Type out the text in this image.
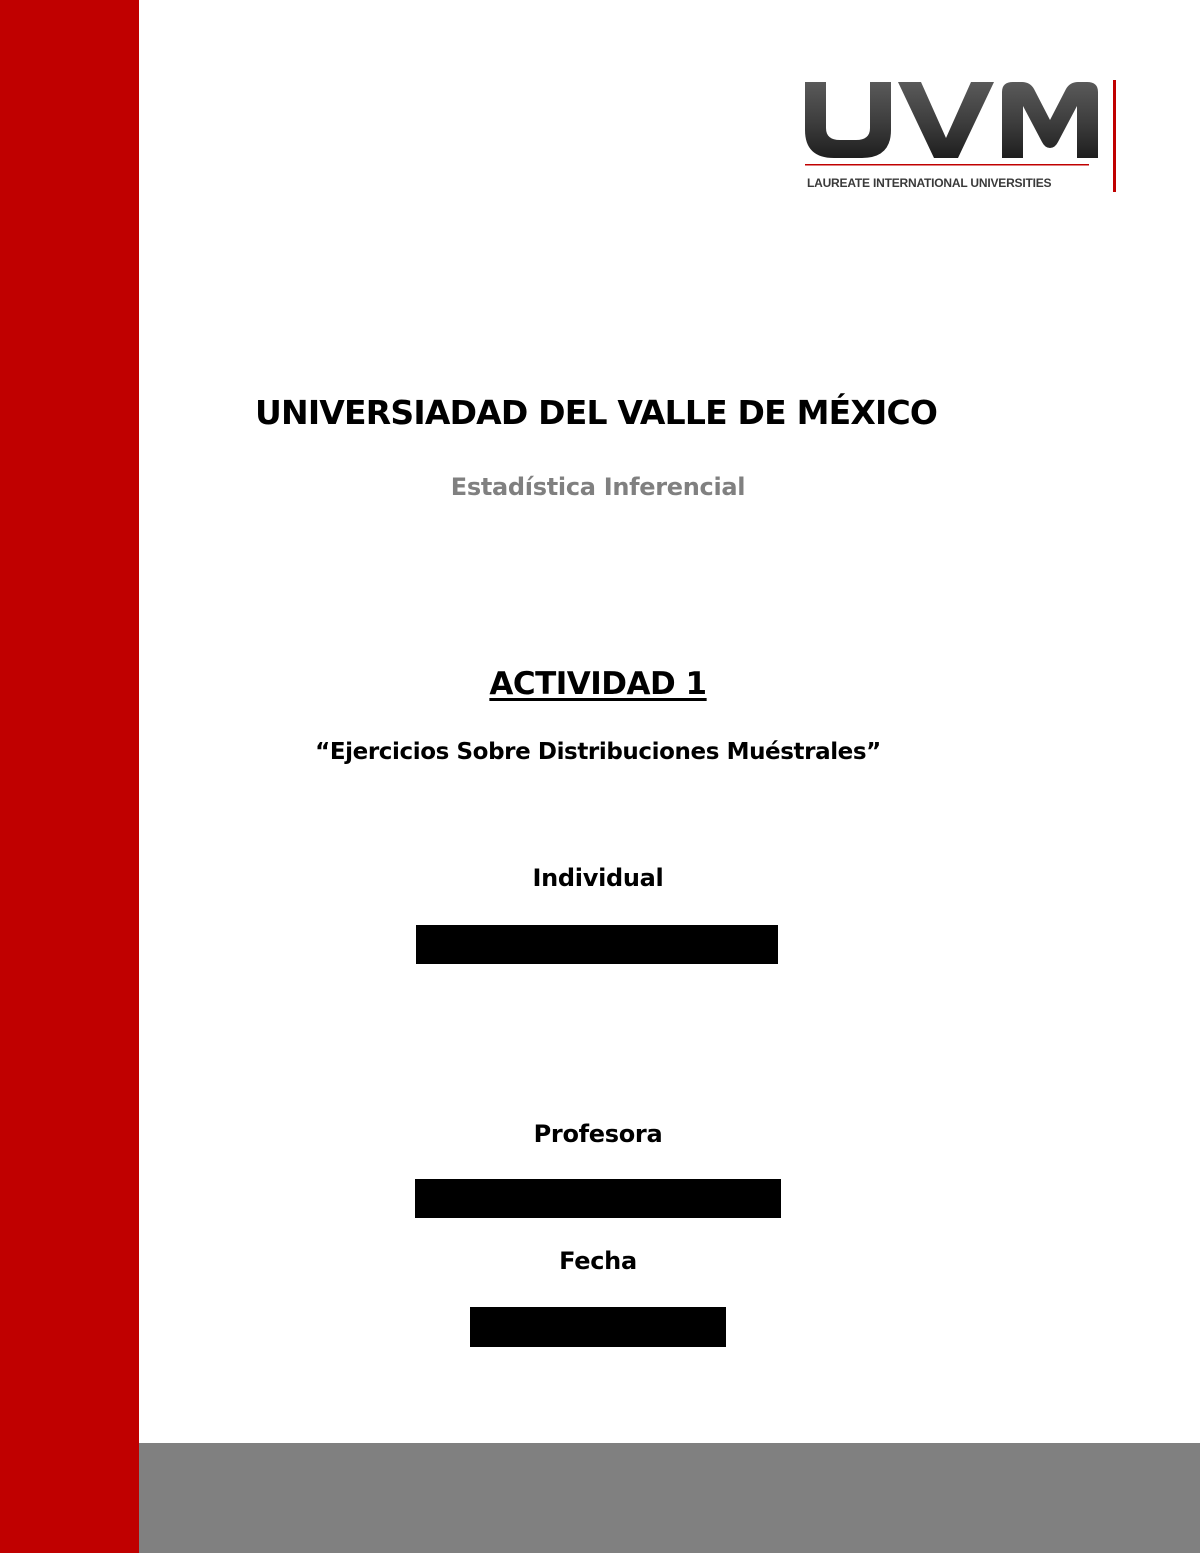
LAUREATE INTERNATIONAL UNIVERSITIES
UNIVERSIADAD DEL VALLE DE MÉXICO
Estadística Inferencial
ACTIVIDAD 1
“Ejercicios Sobre Distribuciones Muéstrales”
Individual
Profesora
Fecha
